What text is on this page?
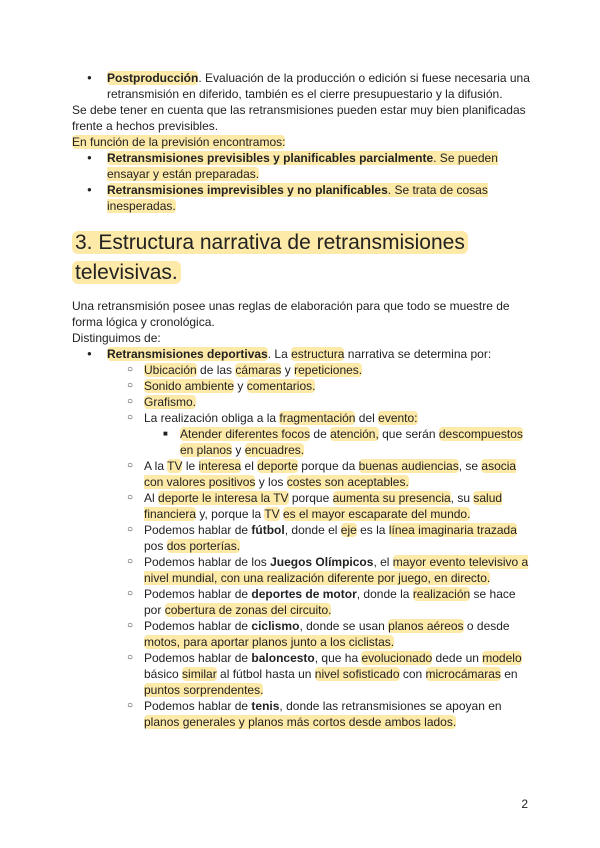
● Postproducción. Evaluación de la producción o edición si fuese necesaria una retransmisión en diferido, también es el cierre presupuestario y la difusión.

Se debe tener en cuenta que las retransmisiones pueden estar muy bien planificadas frente a hechos previsibles.

En función de la previsión encontramos:

● Retransmisiones previsibles y planificables parcialmente. Se pueden ensayar y están preparadas.
● Retransmisiones imprevisibles y no planificables. Se trata de cosas inesperadas.
3. Estructura narrativa de retransmisiones televisivas.

Una retransmisión posee unas reglas de elaboración para que todo se muestre de forma lógica y cronológica.

Distinguimos de:

● Retransmisiones deportivas. La estructura narrativa se determina por:
○ Ubicación de las cámaras y repeticiones.
○ Sonido ambiente y comentarios.
○ Grafismo.
○ La realización obliga a la fragmentación del evento:
■ Atender diferentes focos de atención, que serán descompuestos en planos y encuadres.
○ A la TV le interesa el deporte porque da buenas audiencias, se asocia con valores positivos y los costes son aceptables.
○ Al deporte le interesa la TV porque aumenta su presencia, su salud financiera y, porque la TV es el mayor escaparate del mundo.
○ Podemos hablar de fútbol, donde el eje es la línea imaginaria trazada pos dos porterías.
○ Podemos hablar de los Juegos Olímpicos, el mayor evento televisivo a nivel mundial, con una realización diferente por juego, en directo.
○ Podemos hablar de deportes de motor, donde la realización se hace por cobertura de zonas del circuito.
○ Podemos hablar de ciclismo, donde se usan planos aéreos o desde motos, para aportar planos junto a los ciclistas.
○ Podemos hablar de baloncesto, que ha evolucionado dede un modelo básico similar al fútbol hasta un nivel sofisticado con microcámaras en puntos sorprendentes.
○ Podemos hablar de tenis, donde las retransmisiones se apoyan en planos generales y planos más cortos desde ambos lados.
2
